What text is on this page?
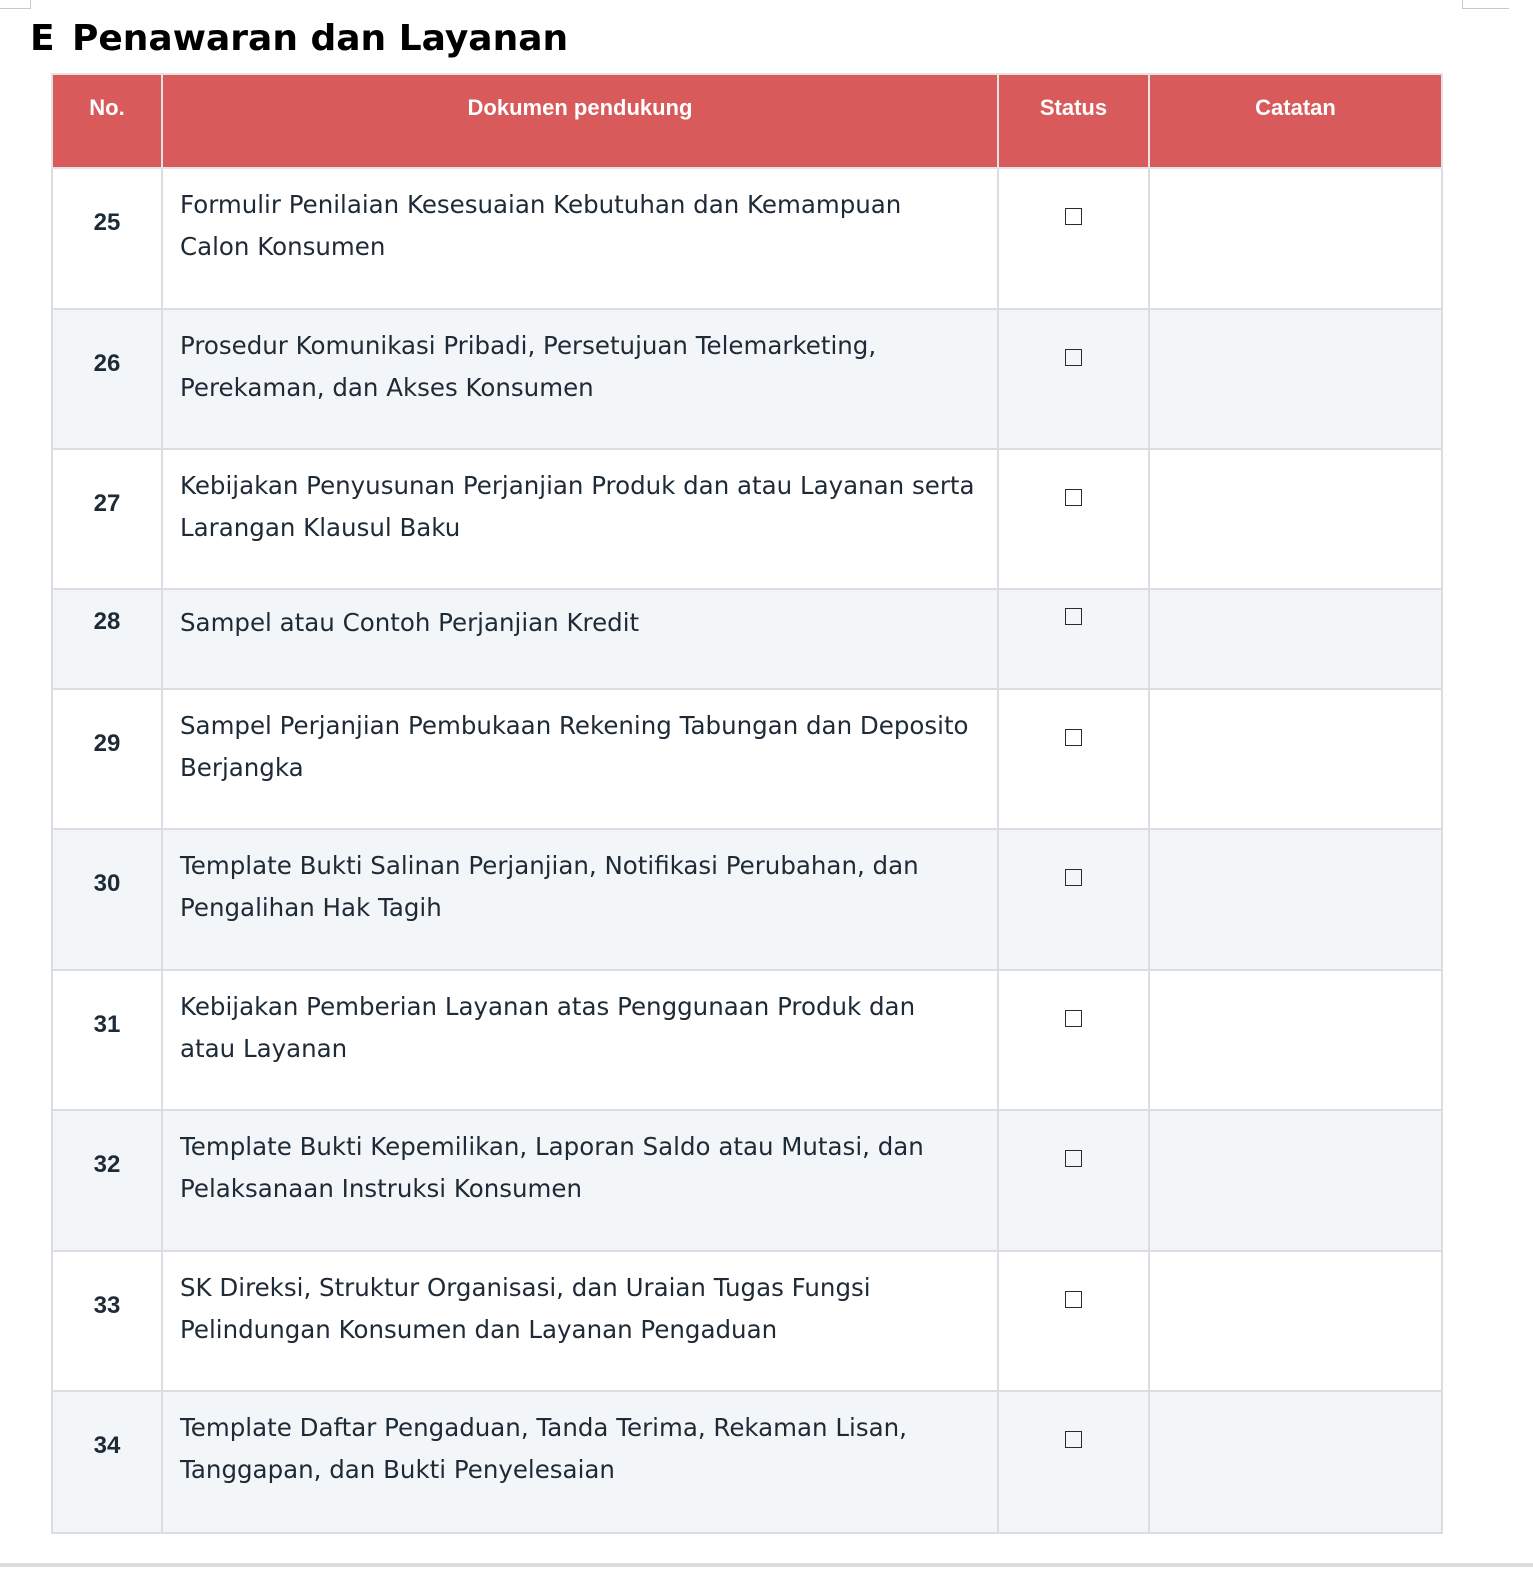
E Penawaran dan Layanan
No.	Dokumen pendukung	Status	Catatan
25	Formulir Penilaian Kesesuaian Kebutuhan dan Kemampuan Calon Konsumen		
26	Prosedur Komunikasi Pribadi, Persetujuan Telemarketing, Perekaman, dan Akses Konsumen		
27	Kebijakan Penyusunan Perjanjian Produk dan atau Layanan serta Larangan Klausul Baku		
28	Sampel atau Contoh Perjanjian Kredit		
29	Sampel Perjanjian Pembukaan Rekening Tabungan dan Deposito Berjangka		
30	Template Bukti Salinan Perjanjian, Notifikasi Perubahan, dan Pengalihan Hak Tagih		
31	Kebijakan Pemberian Layanan atas Penggunaan Produk dan atau Layanan		
32	Template Bukti Kepemilikan, Laporan Saldo atau Mutasi, dan Pelaksanaan Instruksi Konsumen		
33	SK Direksi, Struktur Organisasi, dan Uraian Tugas Fungsi Pelindungan Konsumen dan Layanan Pengaduan		
34	Template Daftar Pengaduan, Tanda Terima, Rekaman Lisan, Tanggapan, dan Bukti Penyelesaian		
